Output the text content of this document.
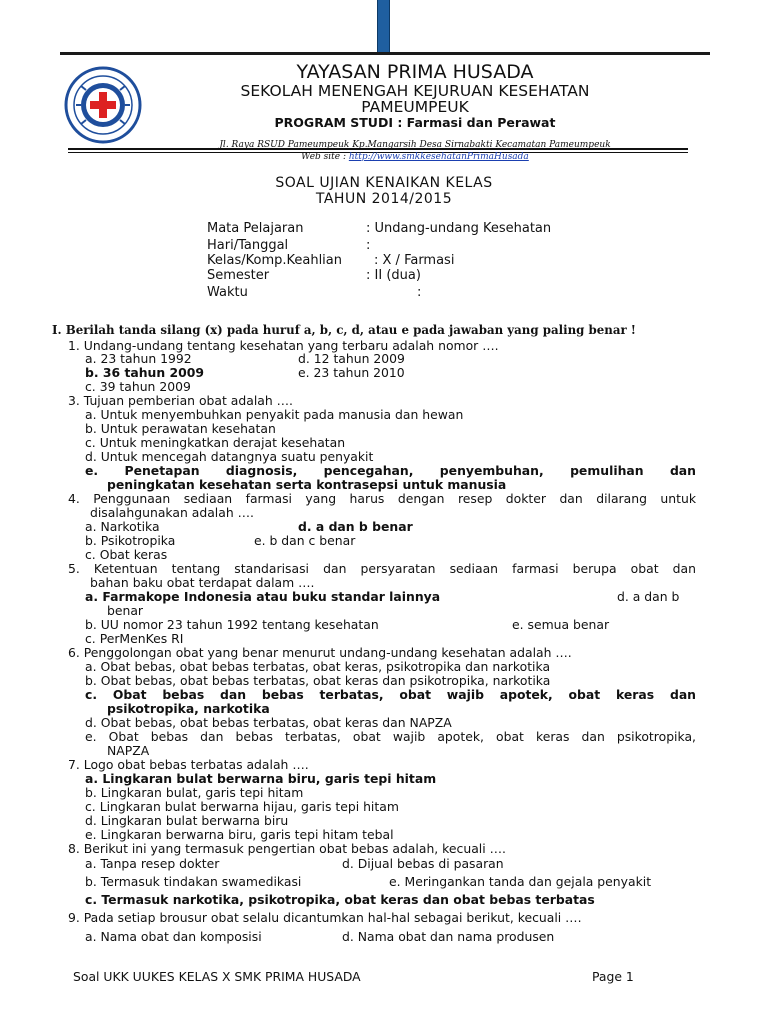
YAYASAN PRIMA HUSADA
SEKOLAH MENENGAH KEJURUAN KESEHATAN
PAMEUMPEUK
PROGRAM STUDI : Farmasi dan Perawat
Jl. Raya RSUD Pameumpeuk Kp.Mangarsih Desa Sirnabakti Kecamatan Pameumpeuk
Web site : http://www.smkkesehatanPrimaHusada
SOAL UJIAN KENAIKAN KELAS
TAHUN 2014/2015
Mata Pelajaran	: Undang-undang Kesehatan
Hari/Tanggal	:
Kelas/Komp.Keahlian : X / Farmasi
Semester	: II (dua)
Waktu	:
I. Berilah tanda silang (x) pada huruf a, b, c, d, atau e pada jawaban yang paling benar !
1. Undang-undang tentang kesehatan yang terbaru adalah nomor ….
a. 23 tahun 1992	d. 12 tahun 2009
b. 36 tahun 2009	e. 23 tahun 2010
c. 39 tahun 2009
3. Tujuan pemberian obat adalah ….
a. Untuk menyembuhkan penyakit pada manusia dan hewan
b. Untuk perawatan kesehatan
c. Untuk meningkatkan derajat kesehatan
d. Untuk mencegah datangnya suatu penyakit
e. Penetapan diagnosis, pencegahan, penyembuhan, pemulihan dan
peningkatan kesehatan serta kontrasepsi untuk manusia
4. Penggunaan sediaan farmasi yang harus dengan resep dokter dan dilarang untuk
disalahgunakan adalah ….
a. Narkotika	d. a dan b benar
b. Psikotropika	e. b dan c benar
c. Obat keras
5. Ketentuan tentang standarisasi dan persyaratan sediaan farmasi berupa obat dan
bahan baku obat terdapat dalam ….
a. Farmakope Indonesia atau buku standar lainnya	d. a dan b
benar
b. UU nomor 23 tahun 1992 tentang kesehatan	e. semua benar
c. PerMenKes RI
6. Penggolongan obat yang benar menurut undang-undang kesehatan adalah ….
a. Obat bebas, obat bebas terbatas, obat keras, psikotropika dan narkotika
b. Obat bebas, obat bebas terbatas, obat keras dan psikotropika, narkotika
c. Obat bebas dan bebas terbatas, obat wajib apotek, obat keras dan
psikotropika, narkotika
d. Obat bebas, obat bebas terbatas, obat keras dan NAPZA
e. Obat bebas dan bebas terbatas, obat wajib apotek, obat keras dan psikotropika,
NAPZA
7. Logo obat bebas terbatas adalah ….
a. Lingkaran bulat berwarna biru, garis tepi hitam
b. Lingkaran bulat, garis tepi hitam
c. Lingkaran bulat berwarna hijau, garis tepi hitam
d. Lingkaran bulat berwarna biru
e. Lingkaran berwarna biru, garis tepi hitam tebal
8. Berikut ini yang termasuk pengertian obat bebas adalah, kecuali ….
a. Tanpa resep dokter	d. Dijual bebas di pasaran
b. Termasuk tindakan swamedikasi	e. Meringankan tanda dan gejala penyakit
c. Termasuk narkotika, psikotropika, obat keras dan obat bebas terbatas
9. Pada setiap brousur obat selalu dicantumkan hal-hal sebagai berikut, kecuali ….
a. Nama obat dan komposisi	d. Nama obat dan nama produsen
Soal UKK UUKES KELAS X SMK PRIMA HUSADA	Page 1
